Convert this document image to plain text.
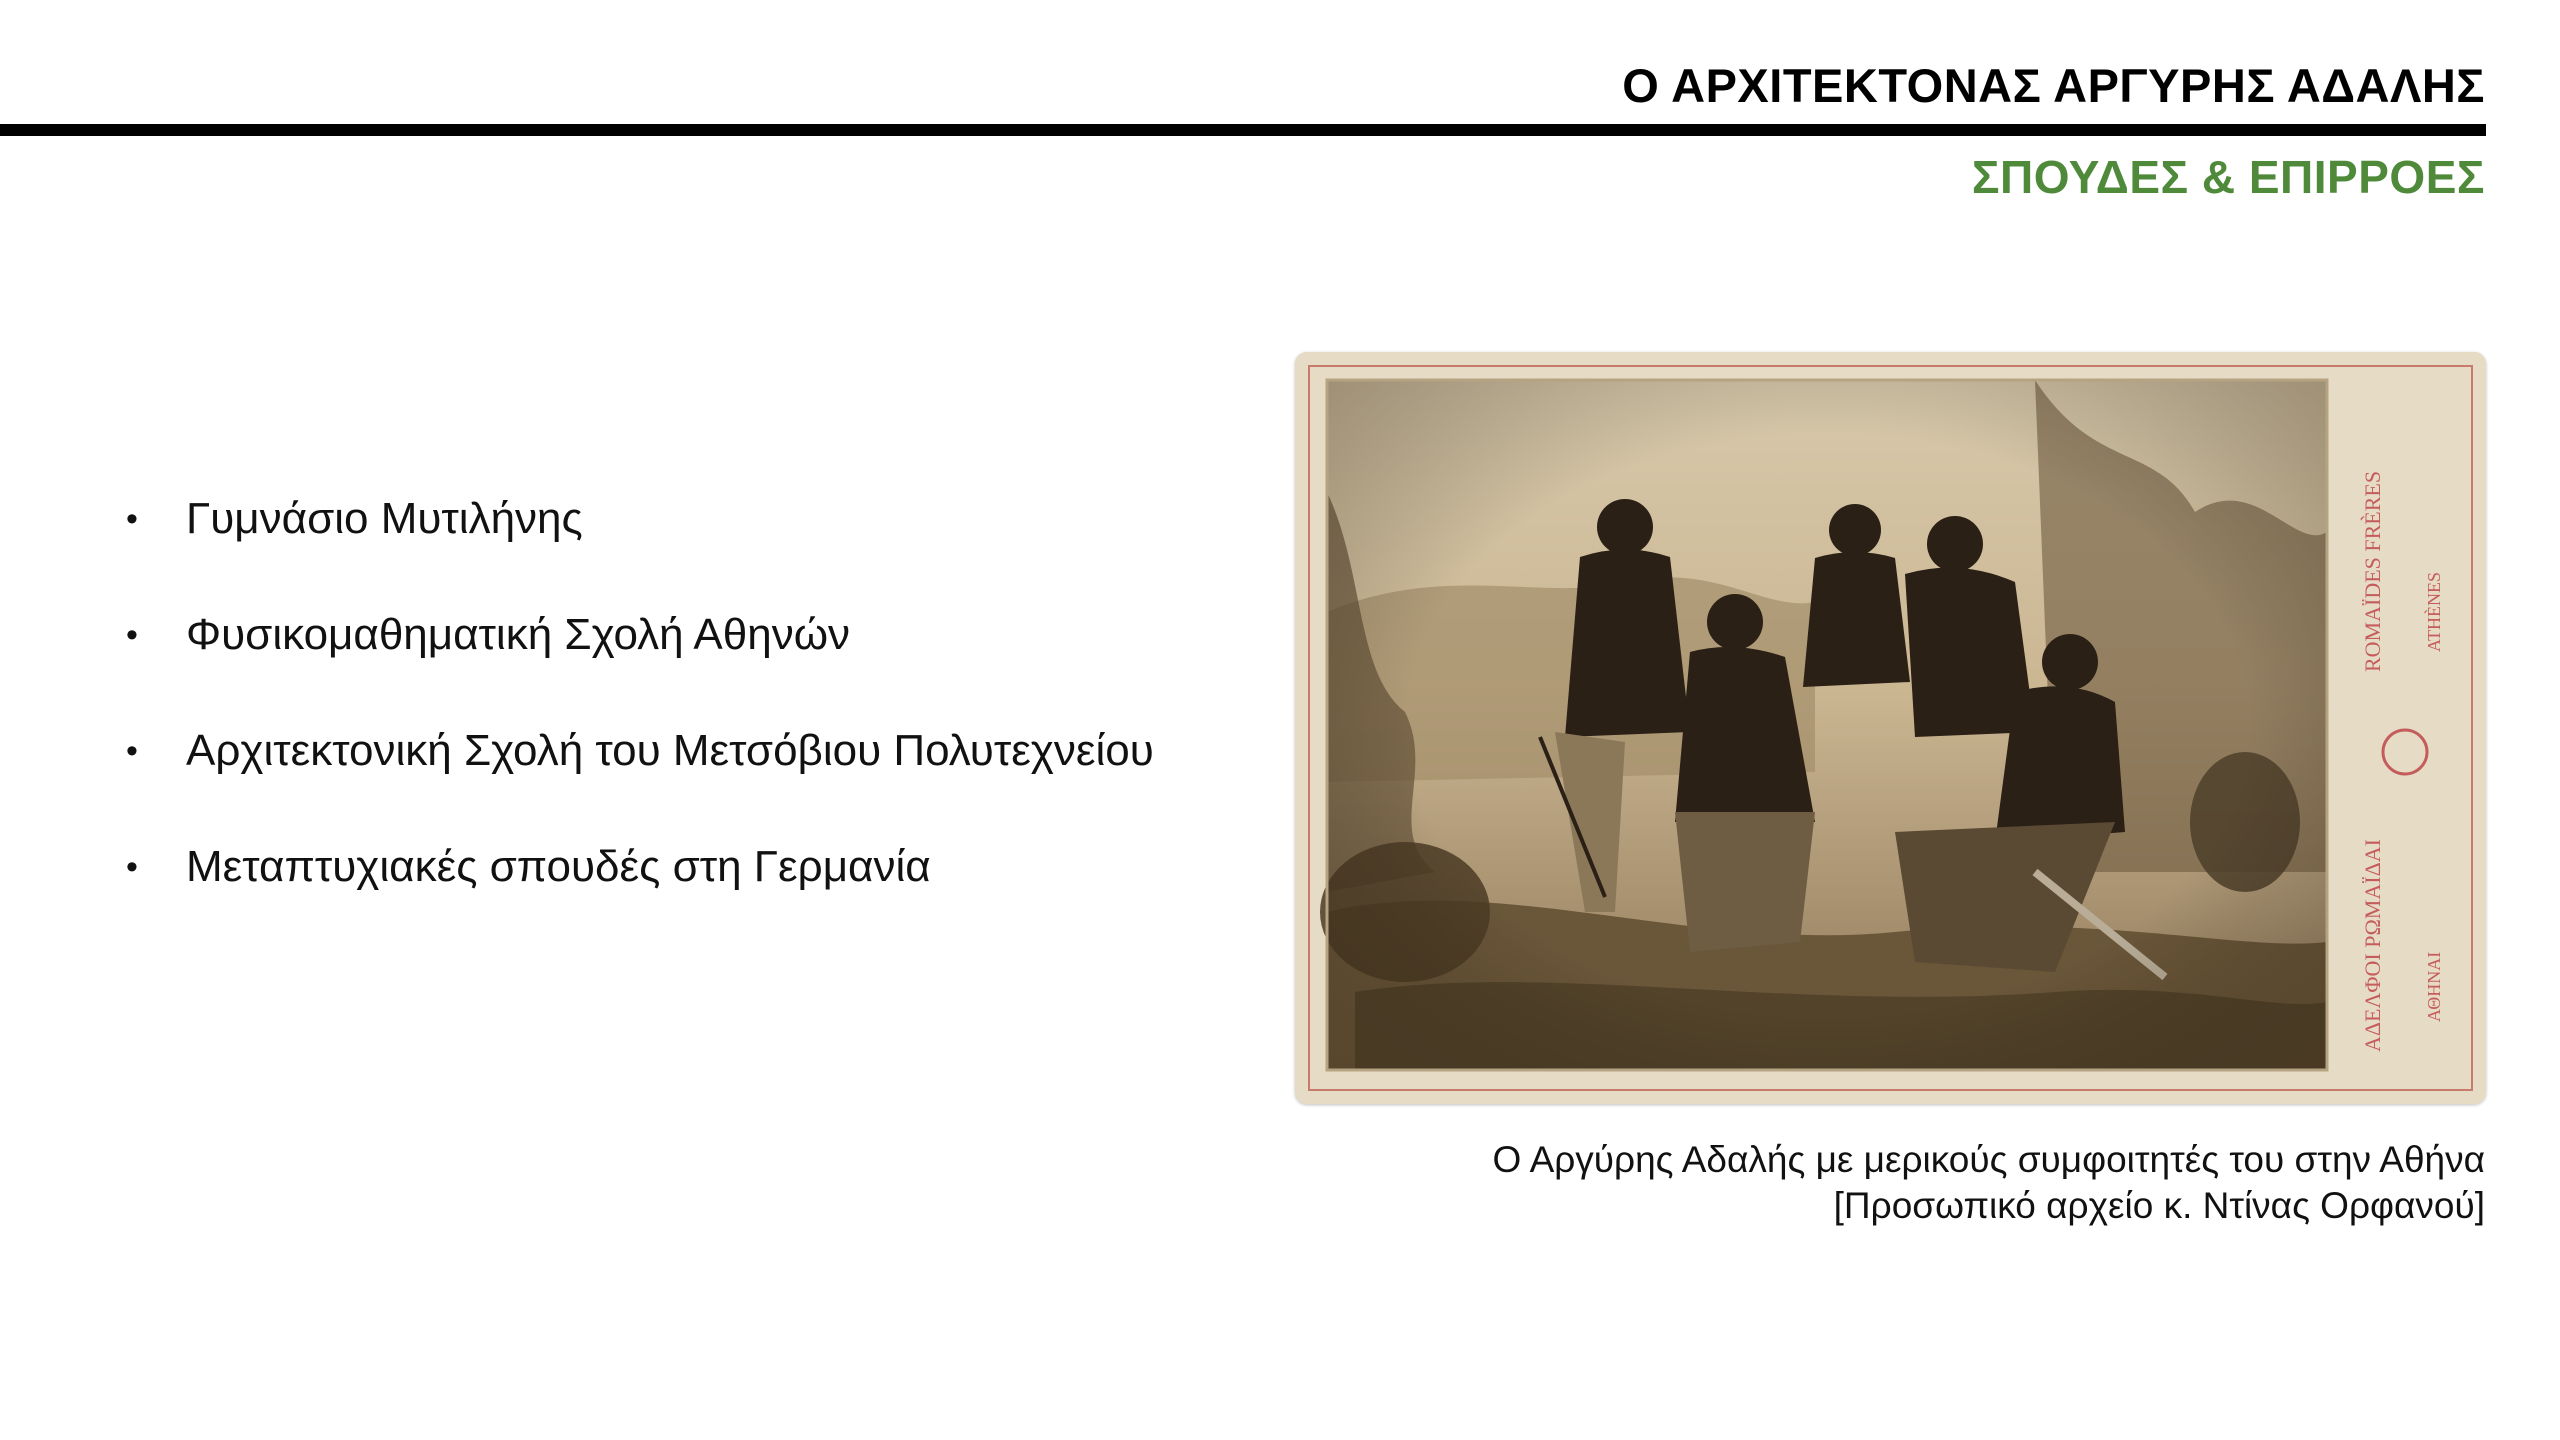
Ο ΑΡΧΙΤΕΚΤΟΝΑΣ ΑΡΓΥΡΗΣ ΑΔΑΛΗΣ
ΣΠΟΥΔΕΣ & ΕΠΙΡΡΟΕΣ
• Γυμνάσιο Μυτιλήνης
• Φυσικομαθηματική Σχολή Αθηνών
• Αρχιτεκτονική Σχολή του Μετσόβιου Πολυτεχνείου
• Μεταπτυχιακές σπουδές στη Γερμανία	ΑΔΕΛΦΟΙ ΡΩΜΑΪΔΑΙ ΑΘΗΝΑΙ
ROMAÏDES FRÈRES ATHÈNES
Ο Αργύρης Αδαλής με μερικούς συμφοιτητές του στην Αθήνα
[Προσωπικό αρχείο κ. Ντίνας Ορφανού]
